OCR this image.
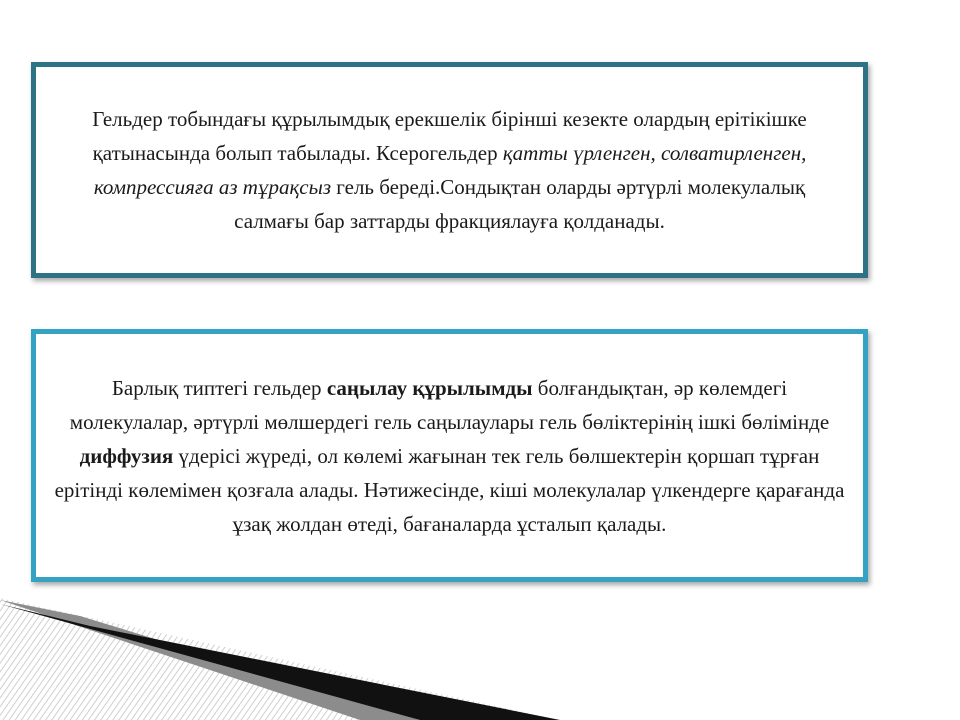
Гельдер тобындағы құрылымдық ерекшелік бірінші кезекте олардың ерітікішке қатынасында болып табылады. Ксерогельдер қатты үрленген, солватирленген, компрессияға аз тұрақсыз гель береді.Сондықтан оларды әртүрлі молекулалық салмағы бар заттарды фракциялауға қолданады.

Барлық типтегі гельдер саңылау құрылымды болғандықтан, әр көлемдегі молекулалар, әртүрлі мөлшердегі гель саңылаулары гель бөліктерінің ішкі бөлімінде диффузия үдерісі жүреді, ол көлемі жағынан тек гель бөлшектерін қоршап тұрған ерітінді көлемімен қозғала алады. Нәтижесінде, кіші молекулалар үлкендерге қарағанда ұзақ жолдан өтеді, бағаналарда ұсталып қалады.
